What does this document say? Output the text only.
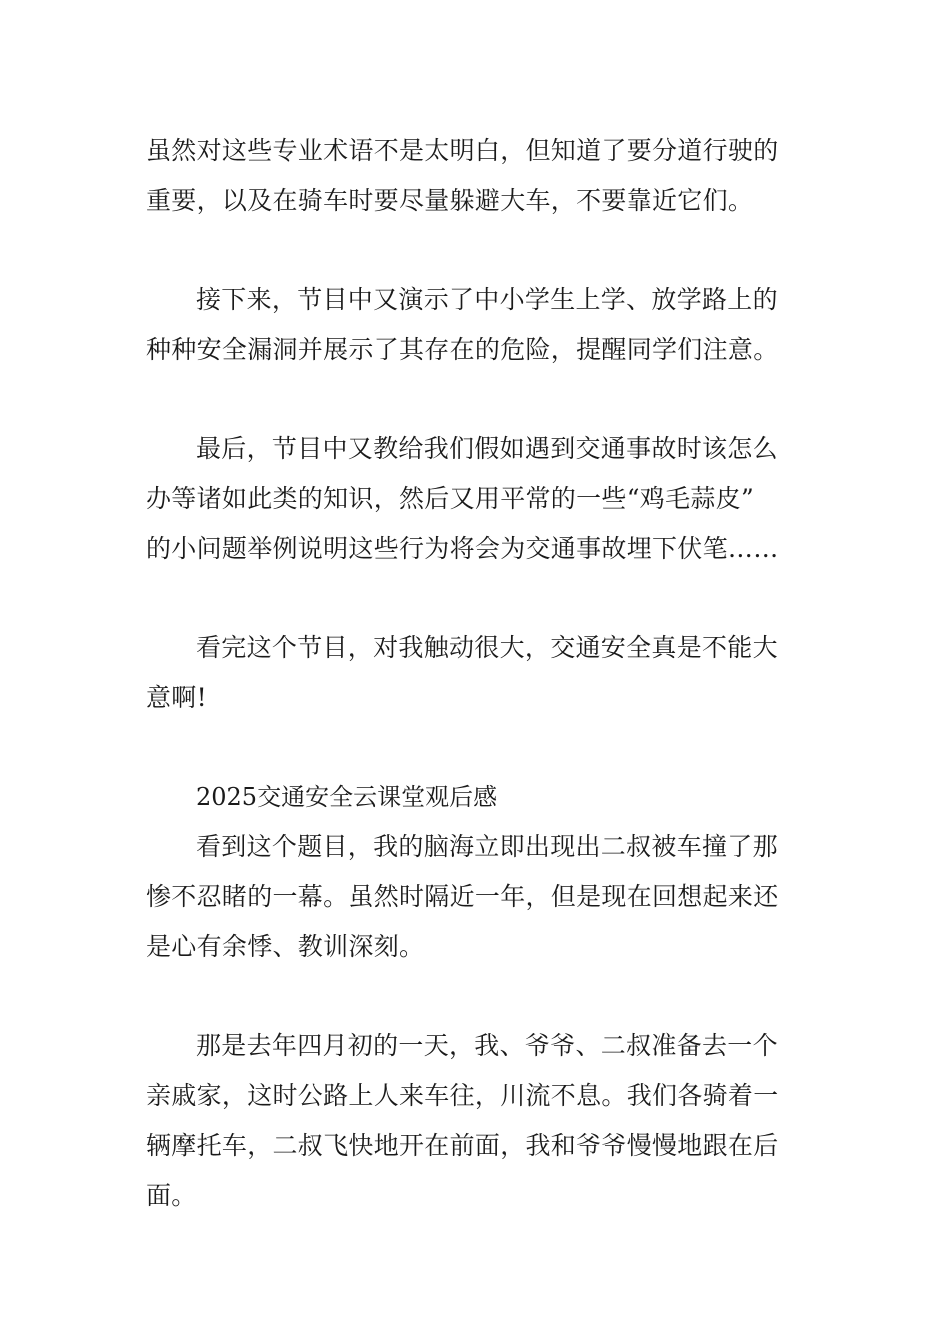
虽然对这些专业术语不是太明白，但知道了要分道行驶的
重要，以及在骑车时要尽量躲避大车，不要靠近它们。
接下来，节目中又演示了中小学生上学、放学路上的
种种安全漏洞并展示了其存在的危险，提醒同学们注意。
最后，节目中又教给我们假如遇到交通事故时该怎么
办等诸如此类的知识，然后又用平常的一些“鸡毛蒜皮”
的小问题举例说明这些行为将会为交通事故埋下伏笔……
看完这个节目，对我触动很大，交通安全真是不能大
意啊!
2025交通安全云课堂观后感
看到这个题目，我的脑海立即出现出二叔被车撞了那
惨不忍睹的一幕。虽然时隔近一年，但是现在回想起来还
是心有余悸、教训深刻。
那是去年四月初的一天，我、爷爷、二叔准备去一个
亲戚家，这时公路上人来车往，川流不息。我们各骑着一
辆摩托车，二叔飞快地开在前面，我和爷爷慢慢地跟在后
面。
